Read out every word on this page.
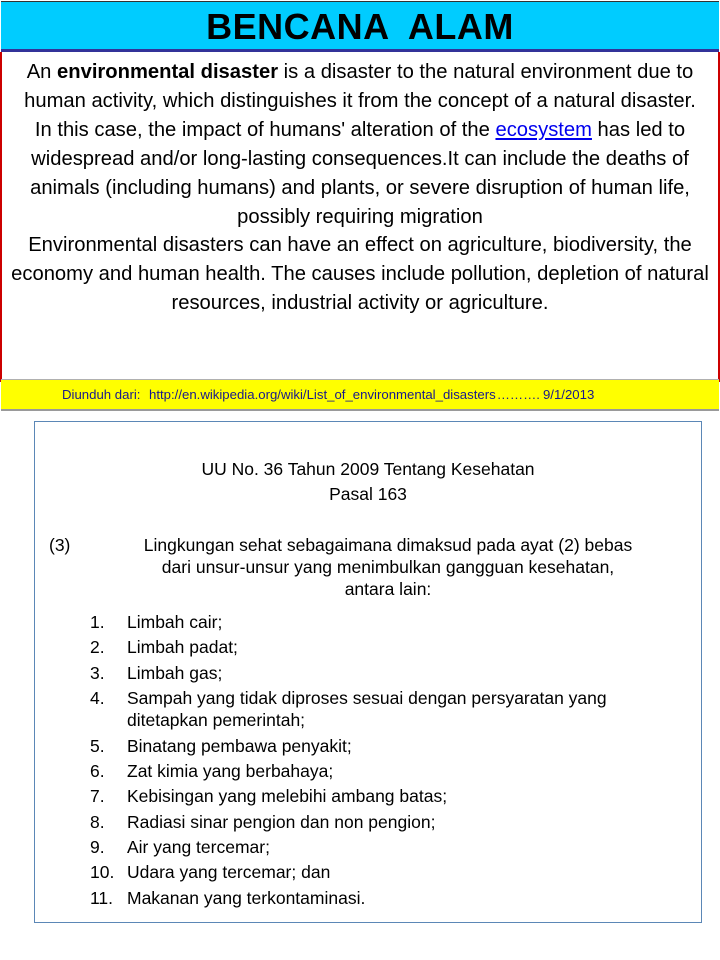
BENCANA  ALAM

An environmental disaster is a disaster to the natural environment due to human activity, which distinguishes it from the concept of a natural disaster.

In this case, the impact of humans' alteration of the ecosystem has led to widespread and/or long-lasting consequences.It can include the deaths of animals (including humans) and plants, or severe disruption of human life, possibly requiring migration

Environmental disasters can have an effect on agriculture, biodiversity, the economy and human health. The causes include pollution, depletion of natural resources, industrial activity or agriculture.

Diunduh dari: http://en.wikipedia.org/wiki/List_of_environmental_disasters………. 9/1/2013
UU No. 36 Tahun 2009 Tentang Kesehatan
Pasal 163
(3)	Lingkungan sehat sebagaimana dimaksud pada ayat (2) bebas
dari unsur-unsur yang menimbulkan gangguan kesehatan,
antara lain:
1. Limbah cair;
2. Limbah padat;
3. Limbah gas;
4. Sampah yang tidak diproses sesuai dengan persyaratan yang ditetapkan pemerintah;
5. Binatang pembawa penyakit;
6. Zat kimia yang berbahaya;
7. Kebisingan yang melebihi ambang batas;
8. Radiasi sinar pengion dan non pengion;
9. Air yang tercemar;
10. Udara yang tercemar; dan
11. Makanan yang terkontaminasi.
